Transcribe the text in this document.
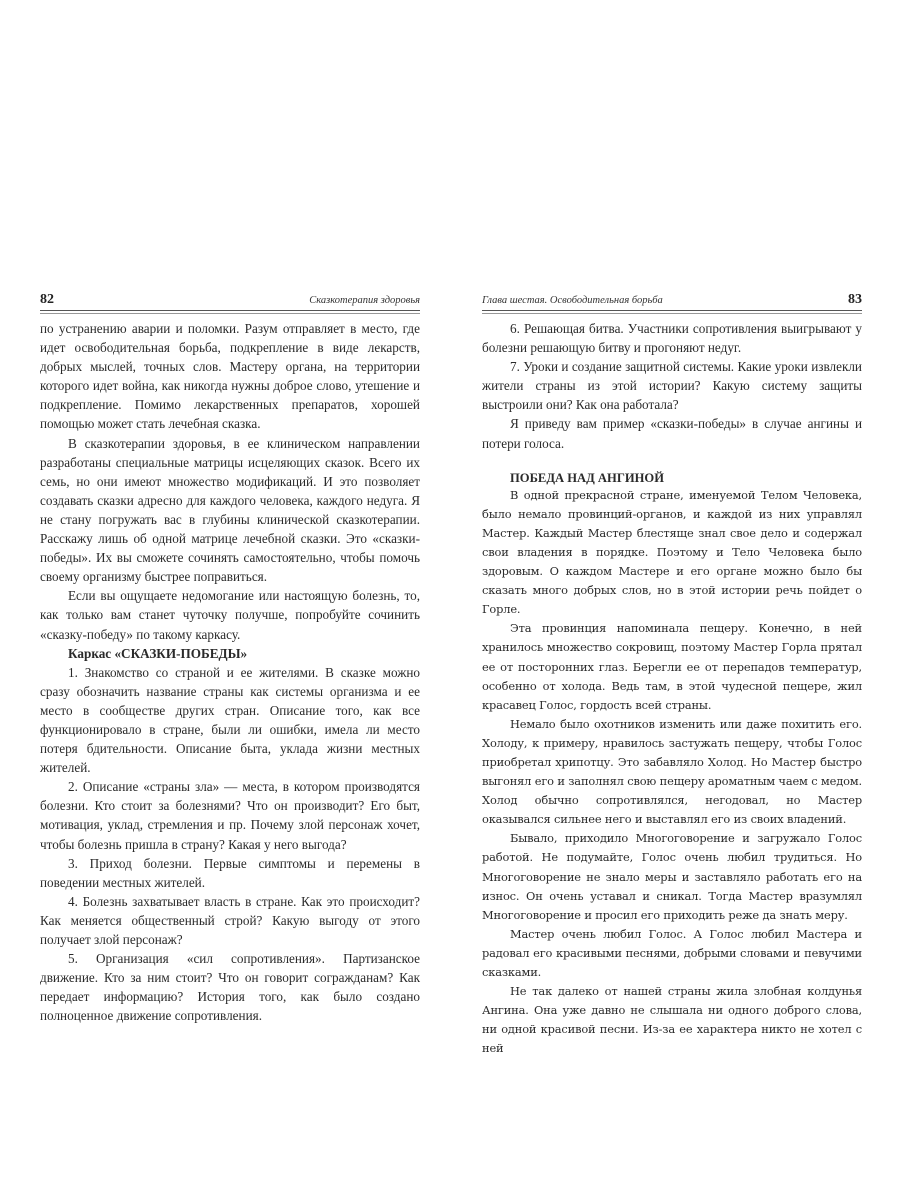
82	Сказкотерапия здоровья

по устранению аварии и поломки. Разум отправляет в место, где идет освободительная борьба, подкрепление в виде лекарств, добрых мыслей, точных слов. Мастеру органа, на территории которого идет война, как никогда нужны доброе слово, утешение и подкрепление. Помимо лекарственных препаратов, хорошей помощью может стать лечебная сказка.

В сказкотерапии здоровья, в ее клиническом направлении разработаны специальные матрицы исцеляющих сказок. Всего их семь, но они имеют множество модификаций. И это позволяет создавать сказки адресно для каждого человека, каждого недуга. Я не стану погружать вас в глубины клинической сказкотерапии. Расскажу лишь об одной матрице лечебной сказки. Это «сказки-победы». Их вы сможете сочинять самостоятельно, чтобы помочь своему организму быстрее поправиться.

Если вы ощущаете недомогание или настоящую болезнь, то, как только вам станет чуточку получше, попробуйте сочинить «сказку-победу» по такому каркасу.

Каркас «СКАЗКИ-ПОБЕДЫ»

1. Знакомство со страной и ее жителями. В сказке можно сразу обозначить название страны как системы организма и ее место в сообществе других стран. Описание того, как все функционировало в стране, были ли ошибки, имела ли место потеря бдительности. Описание быта, уклада жизни местных жителей.

2. Описание «страны зла» — места, в котором производятся болезни. Кто стоит за болезнями? Что он производит? Его быт, мотивация, уклад, стремления и пр. Почему злой персонаж хочет, чтобы болезнь пришла в страну? Какая у него выгода?

3. Приход болезни. Первые симптомы и перемены в поведении местных жителей.

4. Болезнь захватывает власть в стране. Как это происходит? Как меняется общественный строй? Какую выгоду от этого получает злой персонаж?

5. Организация «сил сопротивления». Партизанское движение. Кто за ним стоит? Что он говорит согражданам? Как передает информацию? История того, как было создано полноценное движение сопротивления.

Глава шестая. Освободительная борьба	83

6. Решающая битва. Участники сопротивления выигрывают у болезни решающую битву и прогоняют недуг.

7. Уроки и создание защитной системы. Какие уроки извлекли жители страны из этой истории? Какую систему защиты выстроили они? Как она работала?

Я приведу вам пример «сказки-победы» в случае ангины и потери голоса.

ПОБЕДА НАД АНГИНОЙ

В одной прекрасной стране, именуемой Телом Человека, было немало провинций-органов, и каждой из них управлял Мастер. Каждый Мастер блестяще знал свое дело и содержал свои владения в порядке. Поэтому и Тело Человека было здоровым. О каждом Мастере и его органе можно было бы сказать много добрых слов, но в этой истории речь пойдет о Горле.

Эта провинция напоминала пещеру. Конечно, в ней хранилось множество сокровищ, поэтому Мастер Горла прятал ее от посторонних глаз. Берегли ее от перепадов температур, особенно от холода. Ведь там, в этой чудесной пещере, жил красавец Голос, гордость всей страны.

Немало было охотников изменить или даже похитить его. Холоду, к примеру, нравилось застужать пещеру, чтобы Голос приобретал хрипотцу. Это забавляло Холод. Но Мастер быстро выгонял его и заполнял свою пещеру ароматным чаем с медом. Холод обычно сопротивлялся, негодовал, но Мастер оказывался сильнее него и выставлял его из своих владений.

Бывало, приходило Многоговорение и загружало Голос работой. Не подумайте, Голос очень любил трудиться. Но Многоговорение не знало меры и заставляло работать его на износ. Он очень уставал и сникал. Тогда Мастер вразумлял Многоговорение и просил его приходить реже да знать меру.

Мастер очень любил Голос. А Голос любил Мастера и радовал его красивыми песнями, добрыми словами и певучими сказками.

Не так далеко от нашей страны жила злобная колдунья Ангина. Она уже давно не слышала ни одного доброго слова, ни одной красивой песни. Из-за ее характера никто не хотел с ней
